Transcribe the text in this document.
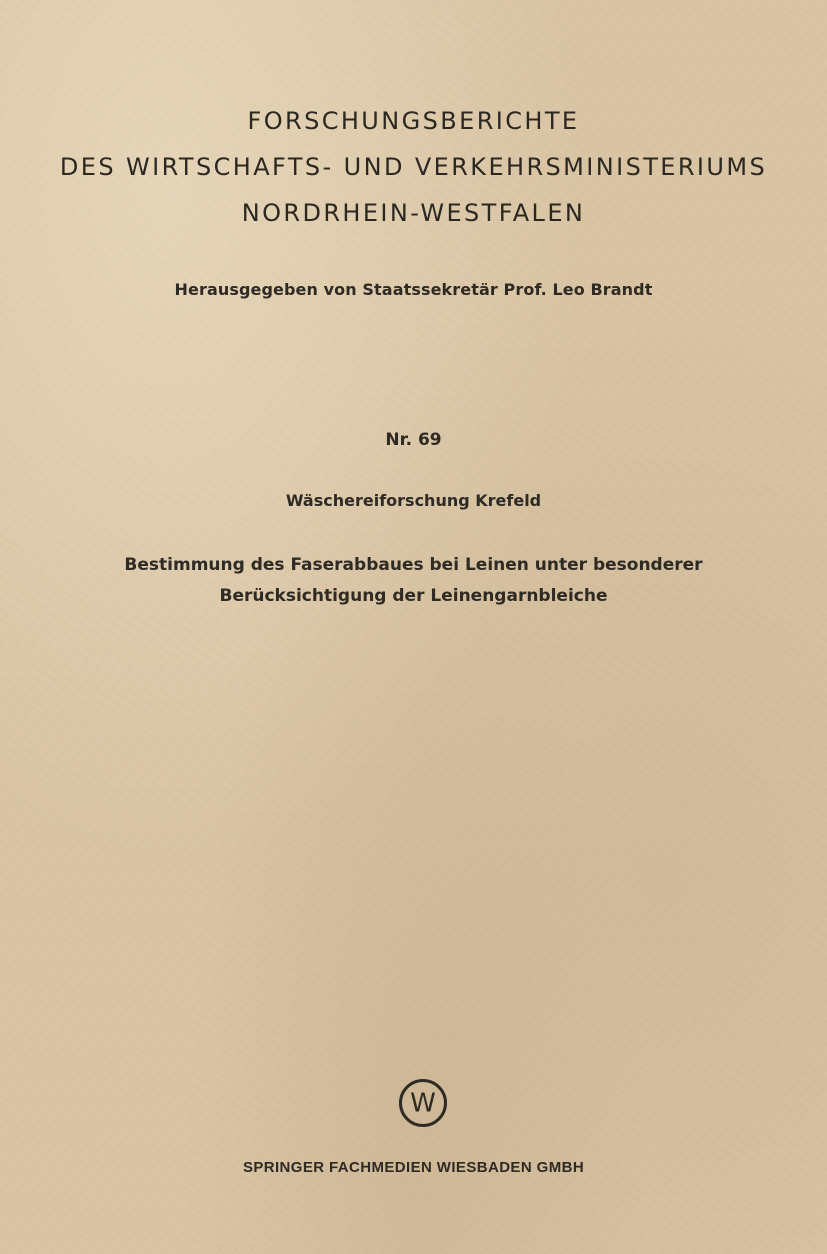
FORSCHUNGSBERICHTE
DES WIRTSCHAFTS- UND VERKEHRSMINISTERIUMS
NORDRHEIN-WESTFALEN
Herausgegeben von Staatssekretär Prof. Leo Brandt
Nr. 69
Wäschereiforschung Krefeld
Bestimmung des Faserabbaues bei Leinen unter besonderer
Berücksichtigung der Leinengarnbleiche
W
SPRINGER FACHMEDIEN WIESBADEN GMBH
